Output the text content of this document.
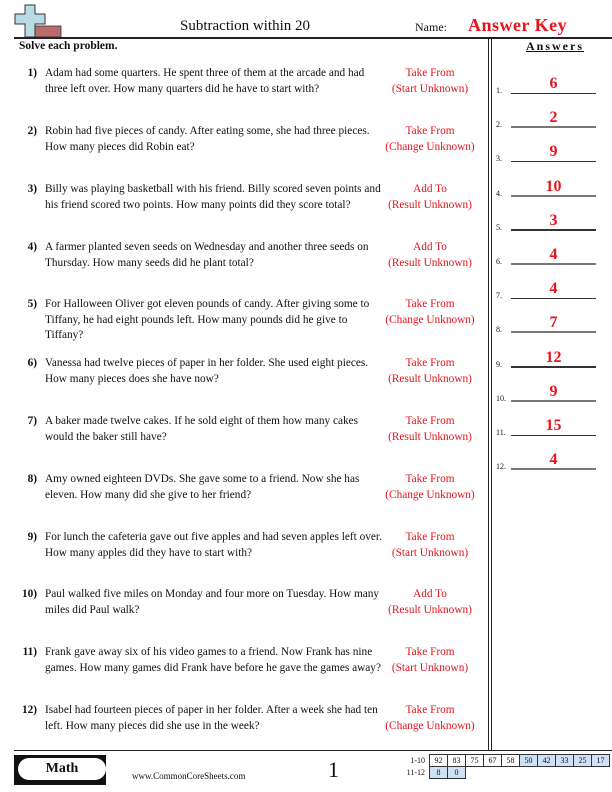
Subtraction within 20	Name: Answer Key
Solve each problem.	Answers
1) Adam had some quarters. He spent three of them at the arcade and had three left over. How many quarters did he have to start with?
Take From
(Start Unknown)
2) Robin had five pieces of candy. After eating some, she had three pieces. How many pieces did Robin eat?
Take From
(Change Unknown)
3) Billy was playing basketball with his friend. Billy scored seven points and his friend scored two points. How many points did they score total?
Add To
(Result Unknown)
4) A farmer planted seven seeds on Wednesday and another three seeds on Thursday. How many seeds did he plant total?
Add To
(Result Unknown)
5) For Halloween Oliver got eleven pounds of candy. After giving some to Tiffany, he had eight pounds left. How many pounds did he give to Tiffany?
Take From
(Change Unknown)
6) Vanessa had twelve pieces of paper in her folder. She used eight pieces. How many pieces does she have now?
Take From
(Result Unknown)
7) A baker made twelve cakes. If he sold eight of them how many cakes would the baker still have?
Take From
(Result Unknown)
8) Amy owned eighteen DVDs. She gave some to a friend. Now she has eleven. How many did she give to her friend?
Take From
(Change Unknown)
9) For lunch the cafeteria gave out five apples and had seven apples left over. How many apples did they have to start with?
Take From
(Start Unknown)
10) Paul walked five miles on Monday and four more on Tuesday. How many miles did Paul walk?
Add To
(Result Unknown)
11) Frank gave away six of his video games to a friend. Now Frank has nine games. How many games did Frank have before he gave the games away?
Take From
(Start Unknown)
12) Isabel had fourteen pieces of paper in her folder. After a week she had ten left. How many pieces did she use in the week?
Take From
(Change Unknown)
1.	6
2.	2
3.	9
4.	10
5.	3
6.	4
7.	4
8.	7
9.	12
10.	9
11.	15
12.	4
Math	www.CommonCoreSheets.com	1	1-10	92	83	75	67	58	50	42	33	25	17
11-12	8	0								
